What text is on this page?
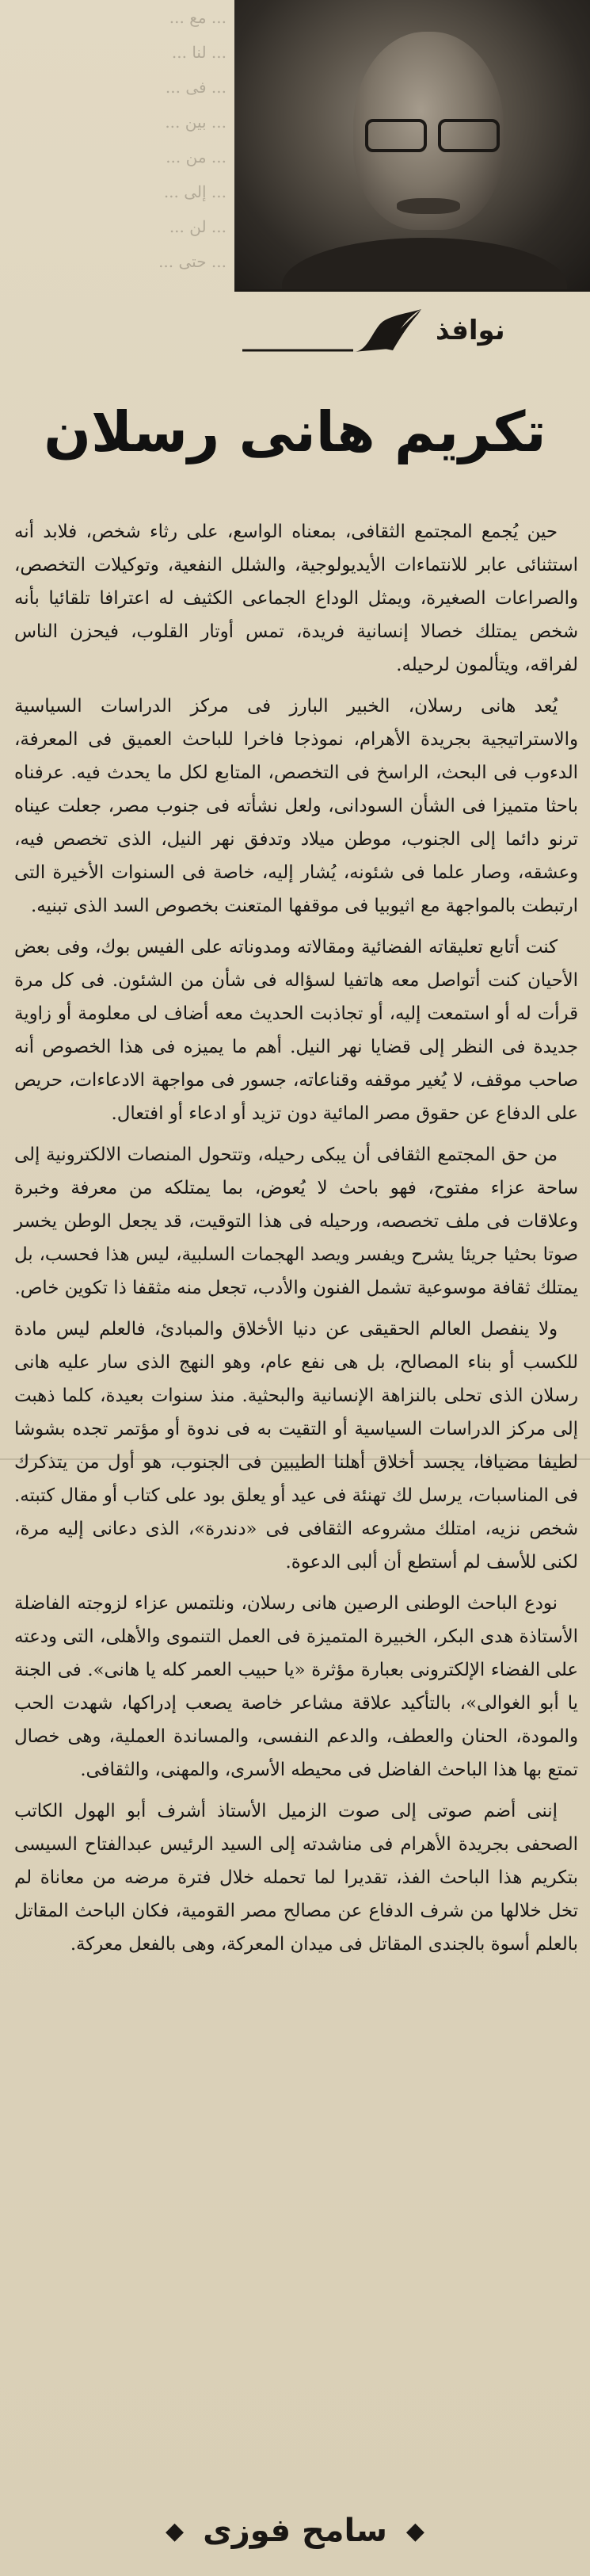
... مع ...
... لنا ...
... فى ...
... بين ...
... من ...
... إلى ...
... لن ...
... حتى ...
نوافذ
تكريم هانى رسلان

حين يُجمع المجتمع الثقافى، بمعناه الواسع، على رثاء شخص، فلابد أنه استثنائى عابر للانتماءات الأيديولوجية، والشلل النفعية، وتوكيلات التخصص، والصراعات الصغيرة، ويمثل الوداع الجماعى الكثيف له اعترافا تلقائيا بأنه شخص يمتلك خصالا إنسانية فريدة، تمس أوتار القلوب، فيحزن الناس لفراقه، ويتألمون لرحيله.

يُعد هانى رسلان، الخبير البارز فى مركز الدراسات السياسية والاستراتيجية بجريدة الأهرام، نموذجا فاخرا للباحث العميق فى المعرفة، الدءوب فى البحث، الراسخ فى التخصص، المتابع لكل ما يحدث فيه. عرفناه باحثا متميزا فى الشأن السودانى، ولعل نشأته فى جنوب مصر، جعلت عيناه ترنو دائما إلى الجنوب، موطن ميلاد وتدفق نهر النيل، الذى تخصص فيه، وعشقه، وصار علما فى شئونه، يُشار إليه، خاصة فى السنوات الأخيرة التى ارتبطت بالمواجهة مع اثيوبيا فى موقفها المتعنت بخصوص السد الذى تبنيه.

كنت أتابع تعليقاته الفضائية ومقالاته ومدوناته على الفيس بوك، وفى بعض الأحيان كنت أتواصل معه هاتفيا لسؤاله فى شأن من الشئون. فى كل مرة قرأت له أو استمعت إليه، أو تجاذبت الحديث معه أضاف لى معلومة أو زاوية جديدة فى النظر إلى قضايا نهر النيل. أهم ما يميزه فى هذا الخصوص أنه صاحب موقف، لا يُغير موقفه وقناعاته، جسور فى مواجهة الادعاءات، حريص على الدفاع عن حقوق مصر المائية دون تزيد أو ادعاء أو افتعال.

من حق المجتمع الثقافى أن يبكى رحيله، وتتحول المنصات الالكترونية إلى ساحة عزاء مفتوح، فهو باحث لا يُعوض، بما يمتلكه من معرفة وخبرة وعلاقات فى ملف تخصصه، ورحيله فى هذا التوقيت، قد يجعل الوطن يخسر صوتا بحثيا جريئا يشرح ويفسر ويصد الهجمات السلبية، ليس هذا فحسب، بل يمتلك ثقافة موسوعية تشمل الفنون والأدب، تجعل منه مثقفا ذا تكوين خاص.

ولا ينفصل العالم الحقيقى عن دنيا الأخلاق والمبادئ، فالعلم ليس مادة للكسب أو بناء المصالح، بل هى نفع عام، وهو النهج الذى سار عليه هانى رسلان الذى تحلى بالنزاهة الإنسانية والبحثية. منذ سنوات بعيدة، كلما ذهبت إلى مركز الدراسات السياسية أو التقيت به فى ندوة أو مؤتمر تجده بشوشا لطيفا مضيافا، يجسد أخلاق أهلنا الطيبين فى الجنوب، هو أول من يتذكرك فى المناسبات، يرسل لك تهنئة فى عيد أو يعلق بود على كتاب أو مقال كتبته. شخص نزيه، امتلك مشروعه الثقافى فى «دندرة»، الذى دعانى إليه مرة، لكنى للأسف لم أستطع أن ألبى الدعوة.

نودع الباحث الوطنى الرصين هانى رسلان، ونلتمس عزاء لزوجته الفاضلة الأستاذة هدى البكر، الخبيرة المتميزة فى العمل التنموى والأهلى، التى ودعته على الفضاء الإلكترونى بعبارة مؤثرة «يا حبيب العمر كله يا هانى». فى الجنة يا أبو الغوالى»، بالتأكيد علاقة مشاعر خاصة يصعب إدراكها، شهدت الحب والمودة، الحنان والعطف، والدعم النفسى، والمساندة العملية، وهى خصال تمتع بها هذا الباحث الفاضل فى محيطه الأسرى، والمهنى، والثقافى.

إننى أضم صوتى إلى صوت الزميل الأستاذ أشرف أبو الهول الكاتب الصحفى بجريدة الأهرام فى مناشدته إلى السيد الرئيس عبدالفتاح السيسى بتكريم هذا الباحث الفذ، تقديرا لما تحمله خلال فترة مرضه من معاناة لم تخل خلالها من شرف الدفاع عن مصالح مصر القومية، فكان الباحث المقاتل بالعلم أسوة بالجندى المقاتل فى ميدان المعركة، وهى بالفعل معركة.

◆
سامح فوزى
◆
